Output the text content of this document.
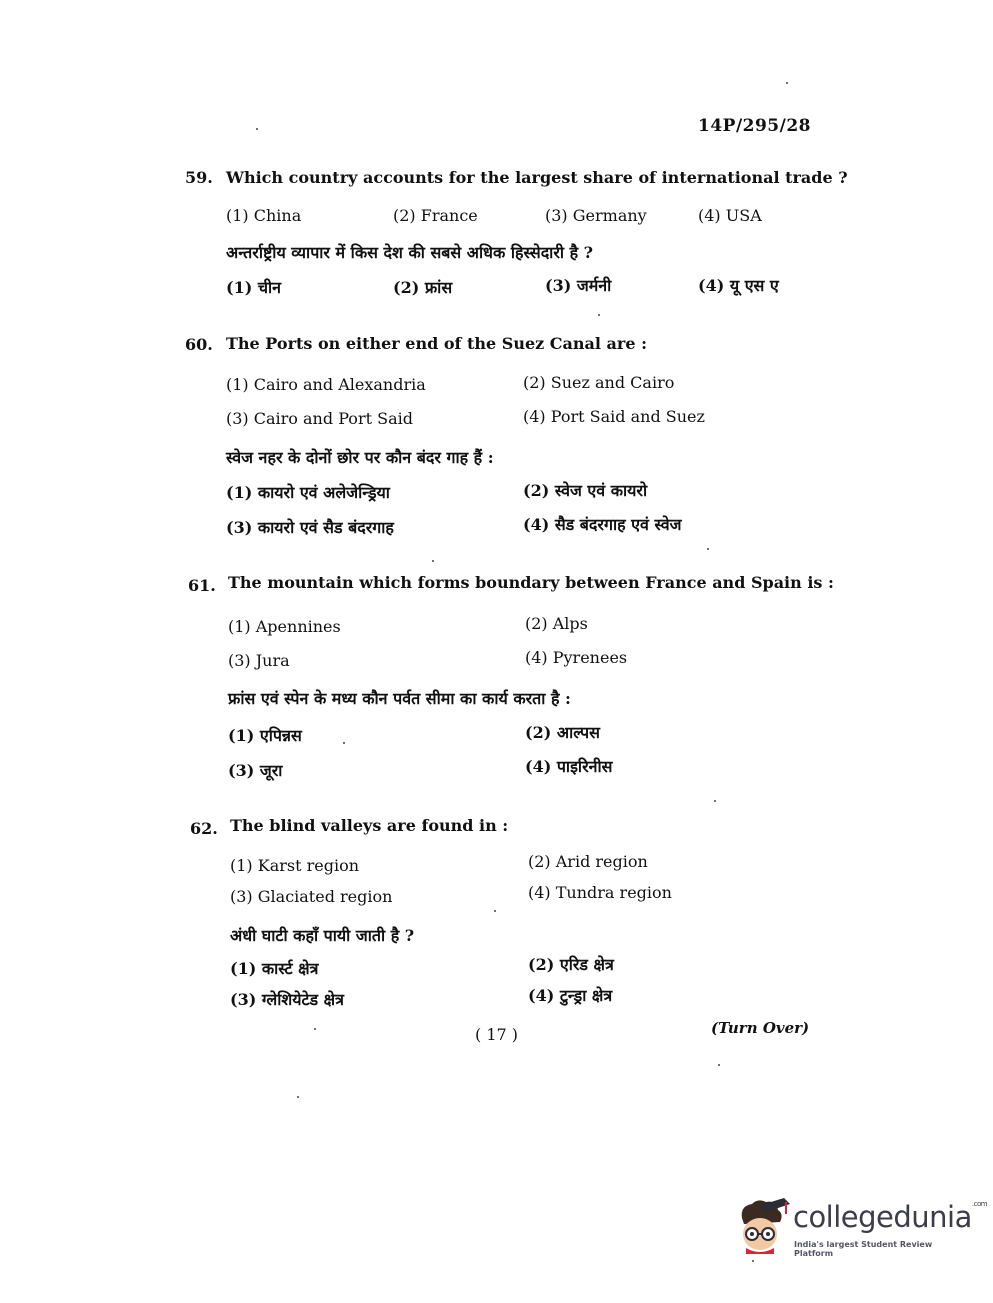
14P/295/28
59. Which country accounts for the largest share of international trade ?
(1) China	(2) France	(3) Germany	(4) USA
अन्तर्राष्ट्रीय व्यापार में किस देश की सबसे अधिक हिस्सेदारी है ?
(1) चीन	(2) फ्रांस	(3) जर्मनी	(4) यू एस ए
60. The Ports on either end of the Suez Canal are :
(1) Cairo and Alexandria	(2) Suez and Cairo
(3) Cairo and Port Said	(4) Port Said and Suez
स्वेज नहर के दोनों छोर पर कौन बंदर गाह हैं :
(1) कायरो एवं अलेजेन्ड्रिया	(2) स्वेज एवं कायरो
(3) कायरो एवं सैड बंदरगाह	(4) सैड बंदरगाह एवं स्वेज
61. The mountain which forms boundary between France and Spain is :
(1) Apennines	(2) Alps
(3) Jura	(4) Pyrenees
फ्रांस एवं स्पेन के मध्य कौन पर्वत सीमा का कार्य करता है :
(1) एपिन्नस	(2) आल्पस
(3) जूरा	(4) पाइरिनीस
62. The blind valleys are found in :
(1) Karst region	(2) Arid region
(3) Glaciated region	(4) Tundra region
अंधी घाटी कहाँ पायी जाती है ?
(1) कार्स्ट क्षेत्र	(2) एरिड क्षेत्र
(3) ग्लेशियेटेड क्षेत्र	(4) टुन्ड्रा क्षेत्र
( 17 )	(Turn Over)
collegedunia$^{.com}$
India's largest Student Review Platform
